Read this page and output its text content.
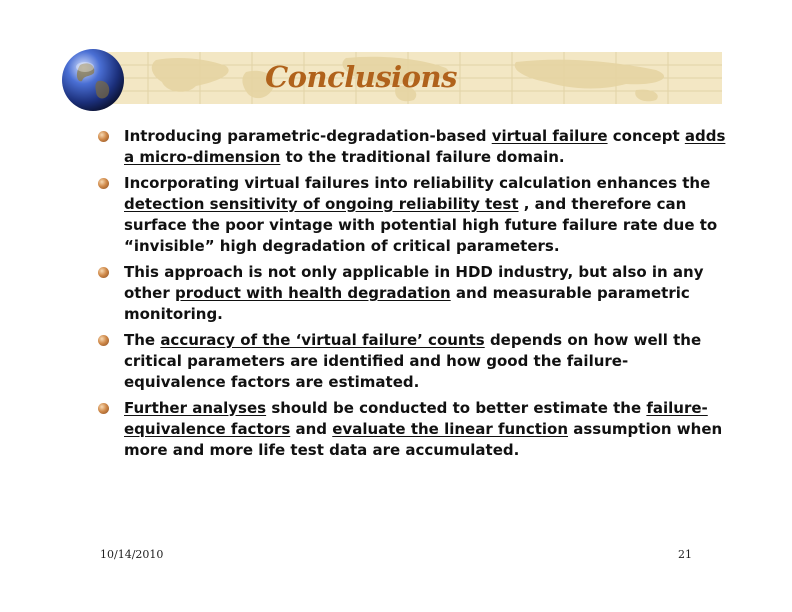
Conclusions
Introducing parametric-degradation-based virtual failure concept adds a micro-dimension to the traditional failure domain.
Incorporating virtual failures into reliability calculation enhances the detection sensitivity of ongoing reliability test , and therefore can surface the poor vintage with potential high future failure rate due to “invisible” high degradation of critical parameters.
This approach is not only applicable in HDD industry, but also in any other product with health degradation and measurable parametric monitoring.
The accuracy of the ‘virtual failure’ counts depends on how well the critical parameters are identified and how good the failure-equivalence factors are estimated.
Further analyses should be conducted to better estimate the failure-equivalence factors and evaluate the linear function assumption when more and more life test data are accumulated.
10/14/2010	21
